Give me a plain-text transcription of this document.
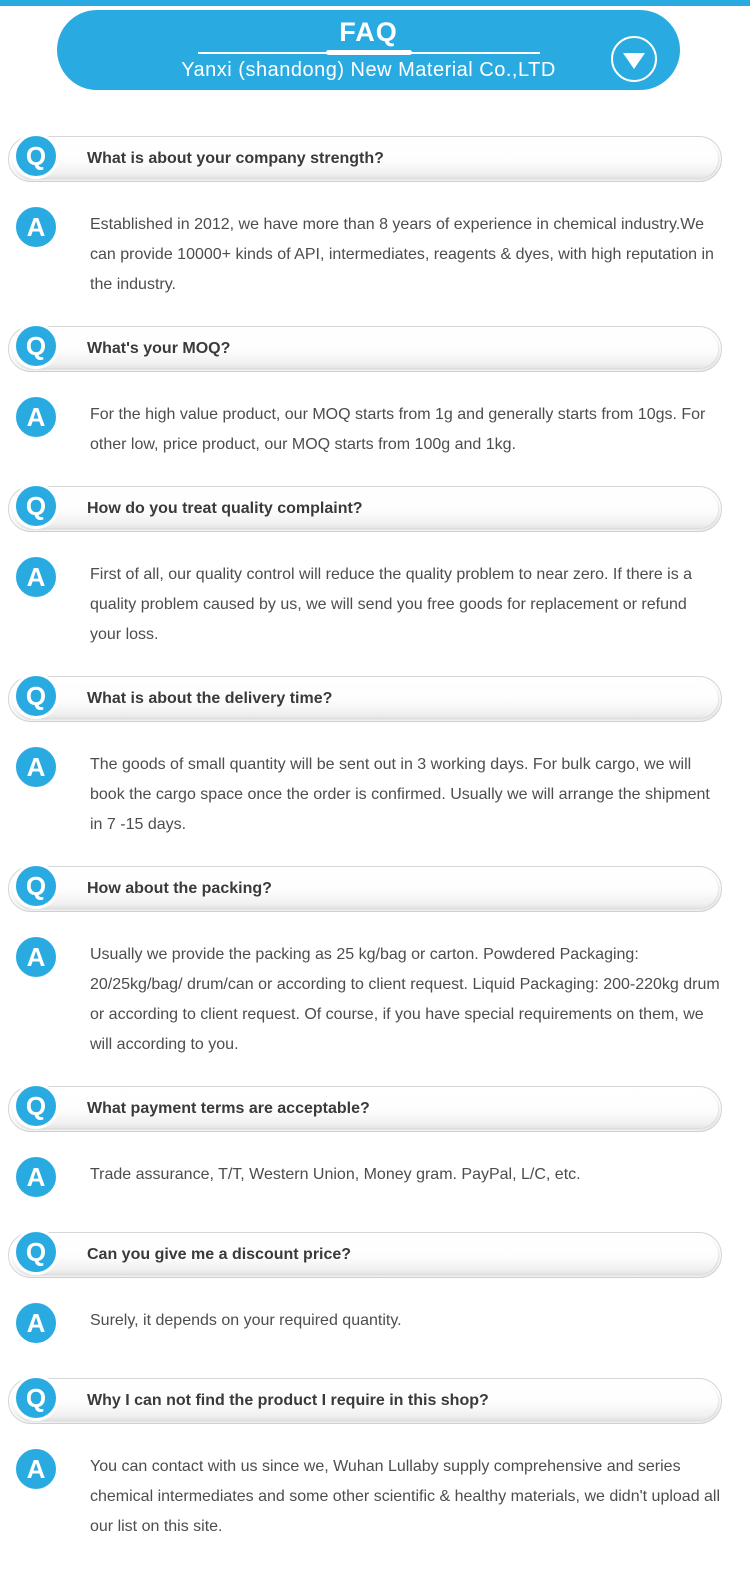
FAQ
Yanxi (shandong) New Material Co.,LTD
Q	What is about your company strength?
A	Established in 2012, we have more than 8 years of experience in chemical industry.We can provide 10000+ kinds of API, intermediates, reagents & dyes, with high reputation in the industry.

Q	What's your MOQ?
A	For the high value product, our MOQ starts from 1g and generally starts from 10gs. For other low, price product, our MOQ starts from 100g and 1kg.

Q	How do you treat quality complaint?
A	First of all, our quality control will reduce the quality problem to near zero. If there is a quality problem caused by us, we will send you free goods for replacement or refund your loss.

Q	What is about the delivery time?
A	The goods of small quantity will be sent out in 3 working days. For bulk cargo, we will book the cargo space once the order is confirmed. Usually we will arrange the shipment in 7 -15 days.

Q	How about the packing?
A	Usually we provide the packing as 25 kg/bag or carton. Powdered Packaging: 20/25kg/bag/ drum/can or according to client request. Liquid Packaging: 200-220kg drum or according to client request. Of course, if you have special requirements on them, we will according to you.

Q	What payment terms are acceptable?
A	Trade assurance, T/T, Western Union, Money gram. PayPal, L/C, etc.

Q	Can you give me a discount price?
A	Surely, it depends on your required quantity.

Q	Why I can not find the product I require in this shop?
A	You can contact with us since we, Wuhan Lullaby supply comprehensive and series chemical intermediates and some other scientific & healthy materials, we didn't upload all our list on this site.
